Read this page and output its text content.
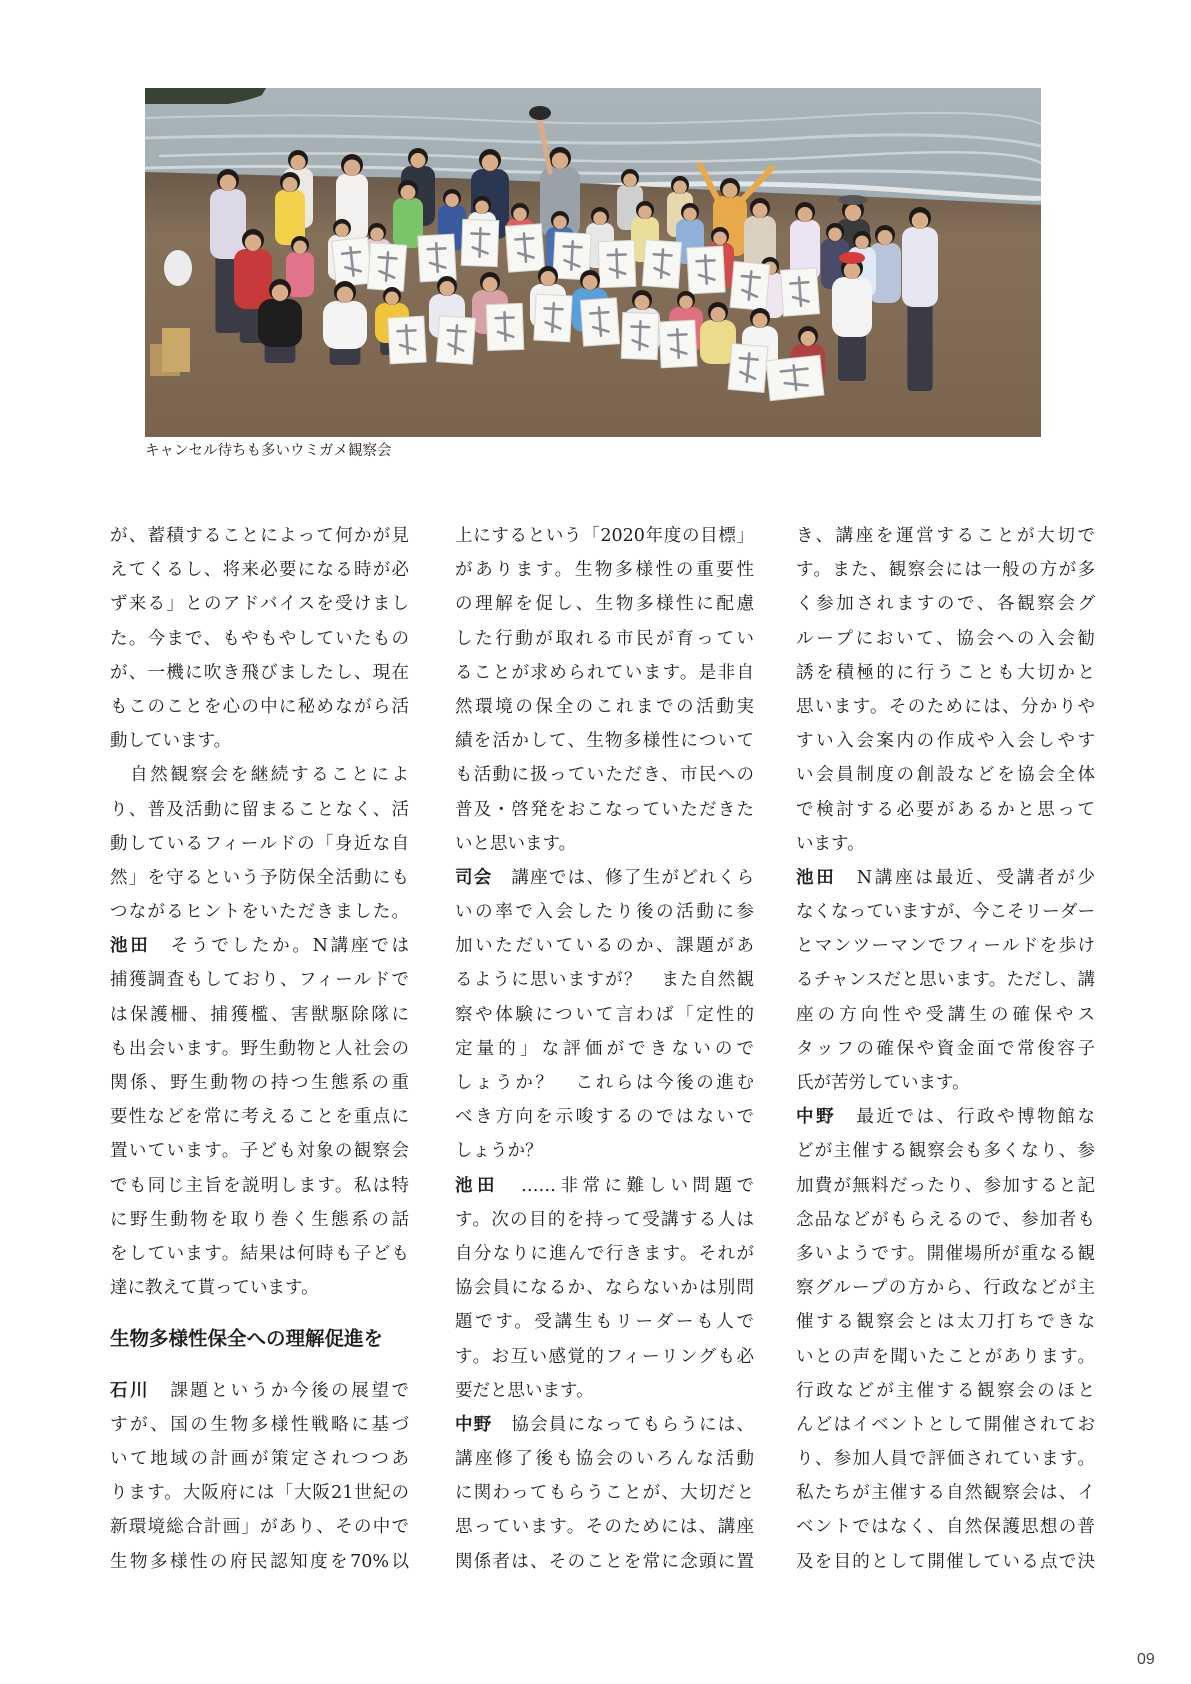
キャンセル待ちも多いウミガメ観察会
が、蓄積することによって何かが見
えてくるし、将来必要になる時が必
ず来る」とのアドバイスを受けまし
た。今まで、もやもやしていたもの
が、一機に吹き飛びましたし、現在
もこのことを心の中に秘めながら活
動しています。
　自然観察会を継続することによ
り、普及活動に留まることなく、活
動しているフィールドの「身近な自
然」を守るという予防保全活動にも
つながるヒントをいただきました。
池田　そうでしたか。N講座では
捕獲調査もしており、フィールドで
は保護柵、捕獲檻、害獣駆除隊に
も出会います。野生動物と人社会の
関係、野生動物の持つ生態系の重
要性などを常に考えることを重点に
置いています。子ども対象の観察会
でも同じ主旨を説明します。私は特
に野生動物を取り巻く生態系の話
をしています。結果は何時も子ども
達に教えて貰っています。
生物多様性保全への理解促進を
石川　課題というか今後の展望で
すが、国の生物多様性戦略に基づ
いて地域の計画が策定されつつあ
ります。大阪府には「大阪21世紀の
新環境総合計画」があり、その中で
生物多様性の府民認知度を70%以
上にするという「2020年度の目標」
があります。生物多様性の重要性
の理解を促し、生物多様性に配慮
した行動が取れる市民が育ってい
ることが求められています。是非自
然環境の保全のこれまでの活動実
績を活かして、生物多様性について
も活動に扱っていただき、市民への
普及・啓発をおこなっていただきた
いと思います。
司会　講座では、修了生がどれくら
いの率で入会したり後の活動に参
加いただいているのか、課題があ
るように思いますが？　また自然観
察や体験について言わば「定性的
定量的」な評価ができないので
しょうか？　これらは今後の進む
べき方向を示唆するのではないで
しょうか？
池田　……非常に難しい問題で
す。次の目的を持って受講する人は
自分なりに進んで行きます。それが
協会員になるか、ならないかは別問
題です。受講生もリーダーも人で
す。お互い感覚的フィーリングも必
要だと思います。
中野　協会員になってもらうには、
講座修了後も協会のいろんな活動
に関わってもらうことが、大切だと
思っています。そのためには、講座
関係者は、そのことを常に念頭に置
き、講座を運営することが大切で
す。また、観察会には一般の方が多
く参加されますので、各観察会グ
ループにおいて、協会への入会勧
誘を積極的に行うことも大切かと
思います。そのためには、分かりや
すい入会案内の作成や入会しやす
い会員制度の創設などを協会全体
で検討する必要があるかと思って
います。
池田　N講座は最近、受講者が少
なくなっていますが、今こそリーダー
とマンツーマンでフィールドを歩け
るチャンスだと思います。ただし、講
座の方向性や受講生の確保やス
タッフの確保や資金面で常俊容子
氏が苦労しています。
中野　最近では、行政や博物館な
どが主催する観察会も多くなり、参
加費が無料だったり、参加すると記
念品などがもらえるので、参加者も
多いようです。開催場所が重なる観
察グループの方から、行政などが主
催する観察会とは太刀打ちできな
いとの声を聞いたことがあります。
行政などが主催する観察会のほと
んどはイベントとして開催されてお
り、参加人員で評価されています。
私たちが主催する自然観察会は、イ
ベントではなく、自然保護思想の普
及を目的として開催している点で決
09
